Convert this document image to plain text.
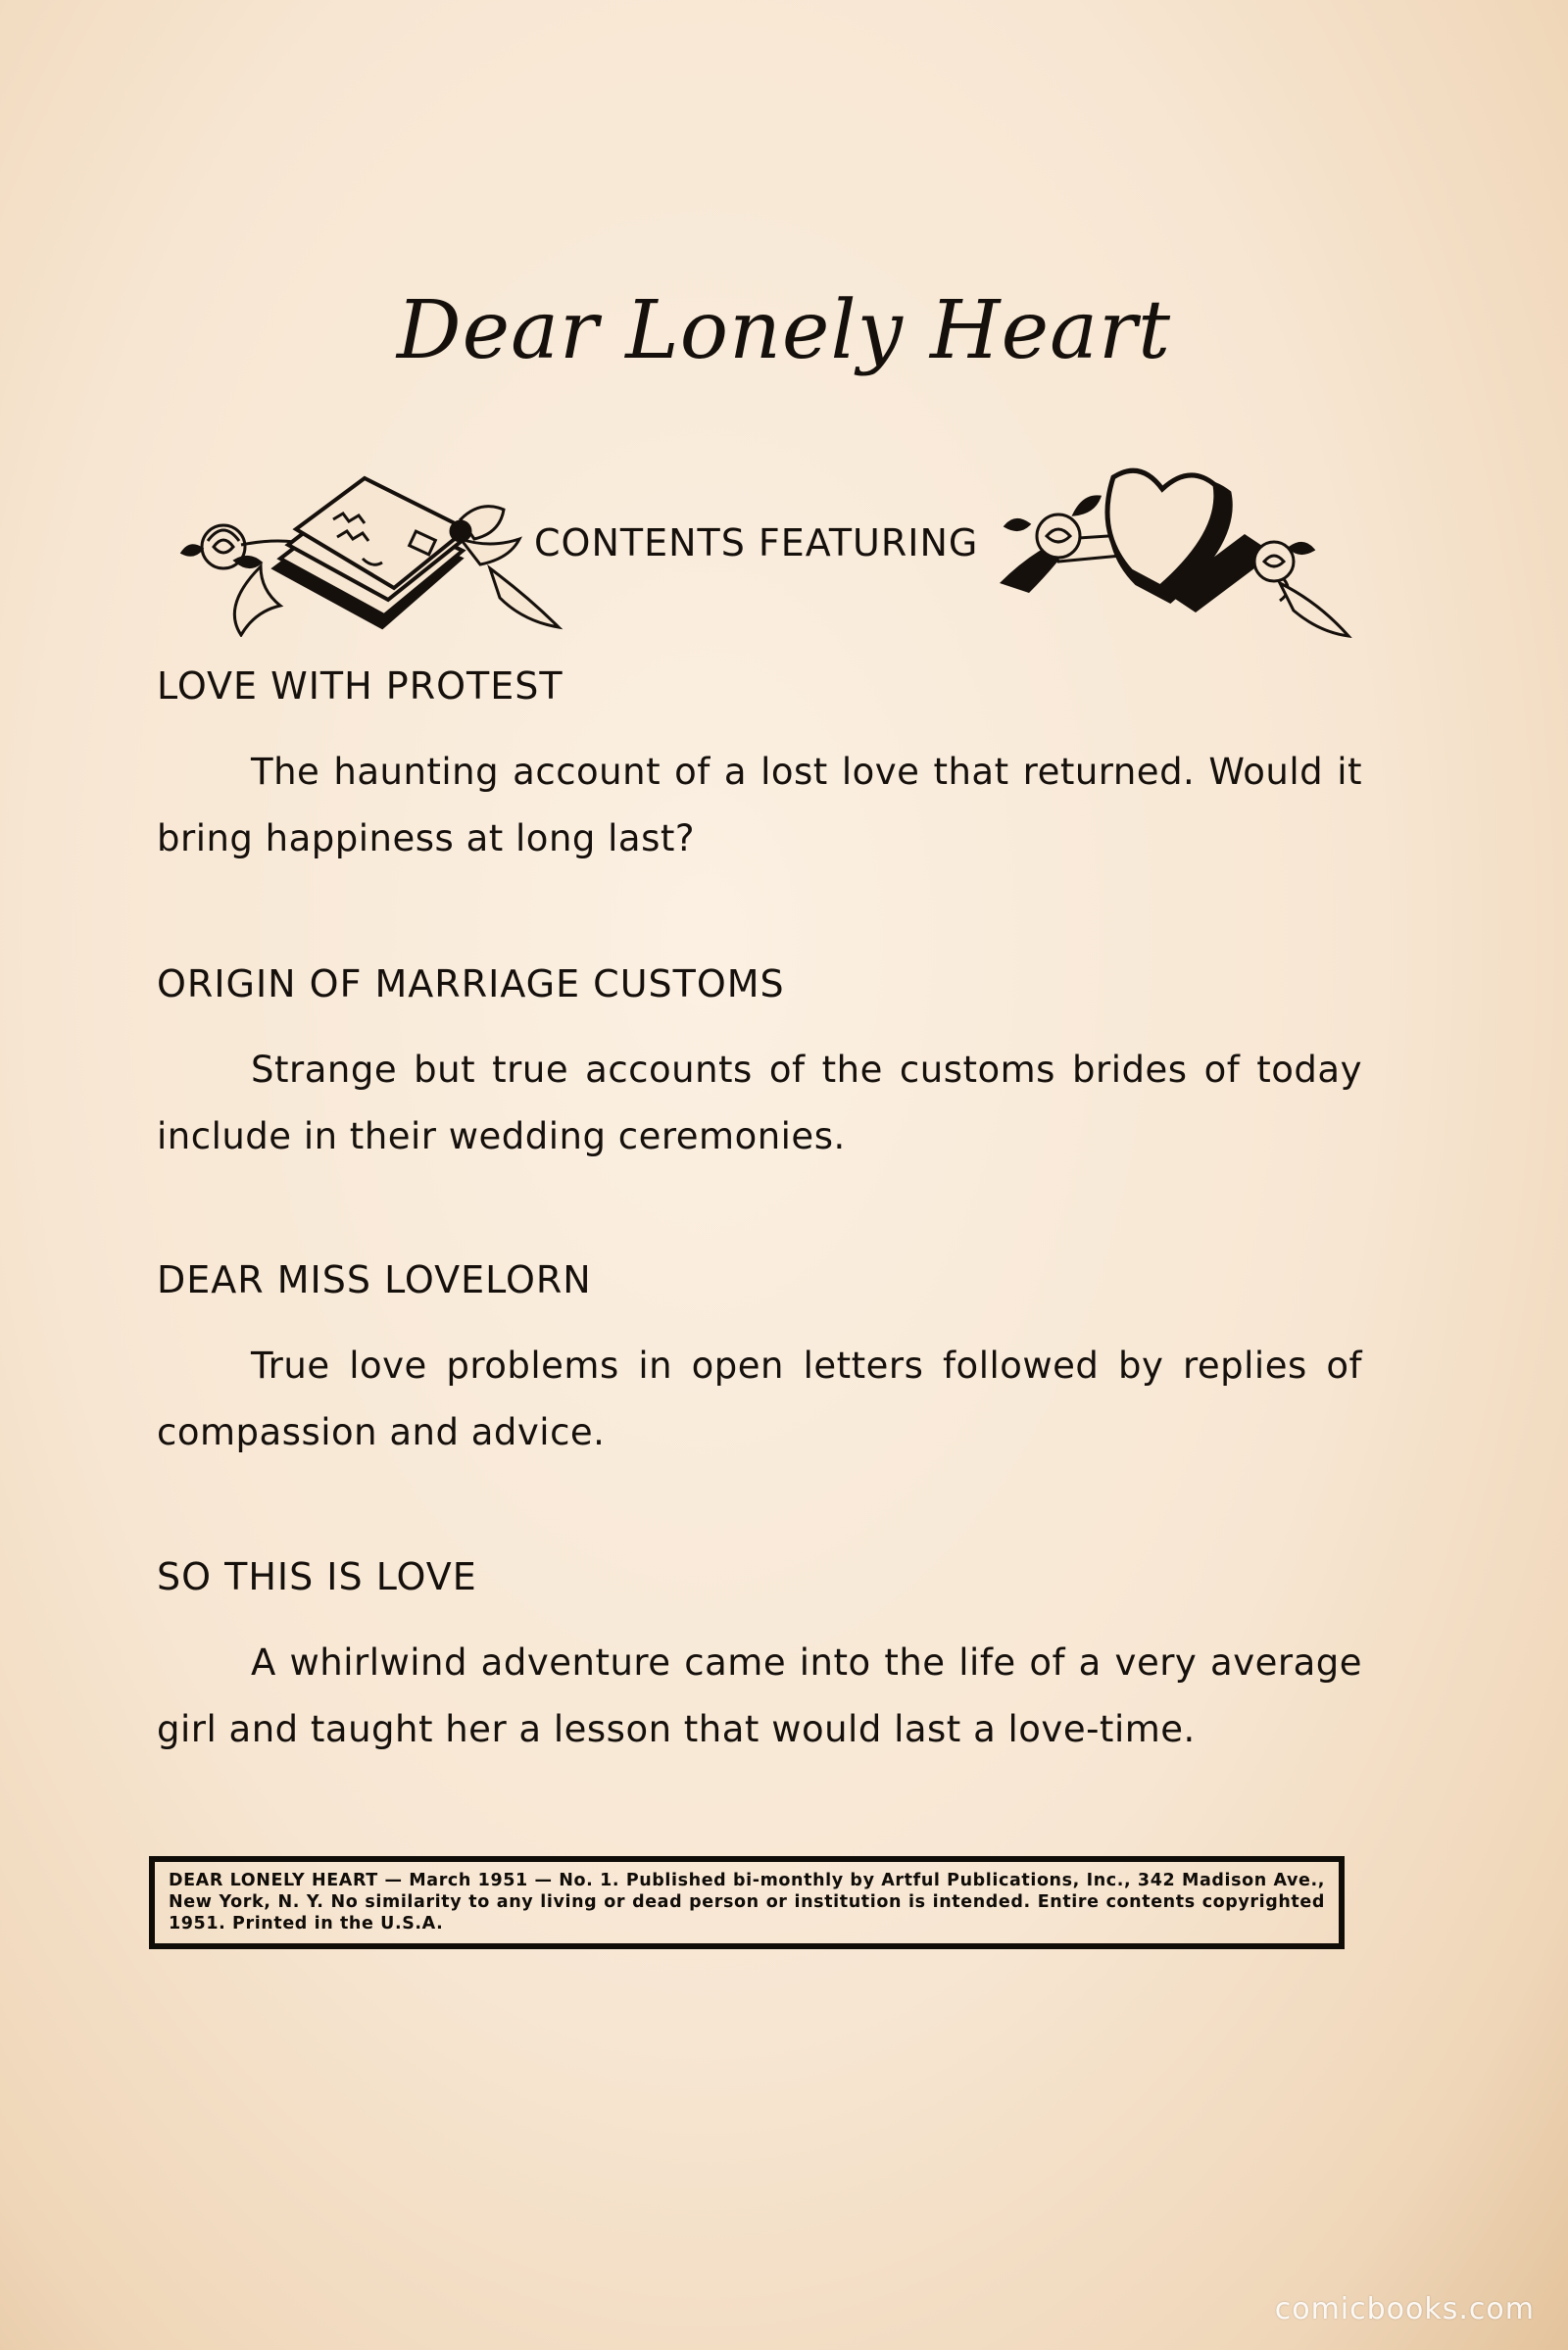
Dear Lonely Heart
CONTENTS FEATURING
LOVE WITH PROTEST

The haunting account of a lost love that returned. Would it bring happiness at long last?

ORIGIN OF MARRIAGE CUSTOMS

Strange but true accounts of the customs brides of today include in their wedding ceremonies.

DEAR MISS LOVELORN

True love problems in open letters followed by replies of compassion and advice.

SO THIS IS LOVE

A whirlwind adventure came into the life of a very average girl and taught her a lesson that would last a love-time.

DEAR LONELY HEART — March 1951 — No. 1. Published bi-monthly by Artful Publications, Inc., 342 Madison Ave., New York, N. Y. No similarity to any living or dead person or institution is intended. Entire contents copyrighted 1951. Printed in the U.S.A.

comicbooks.com
